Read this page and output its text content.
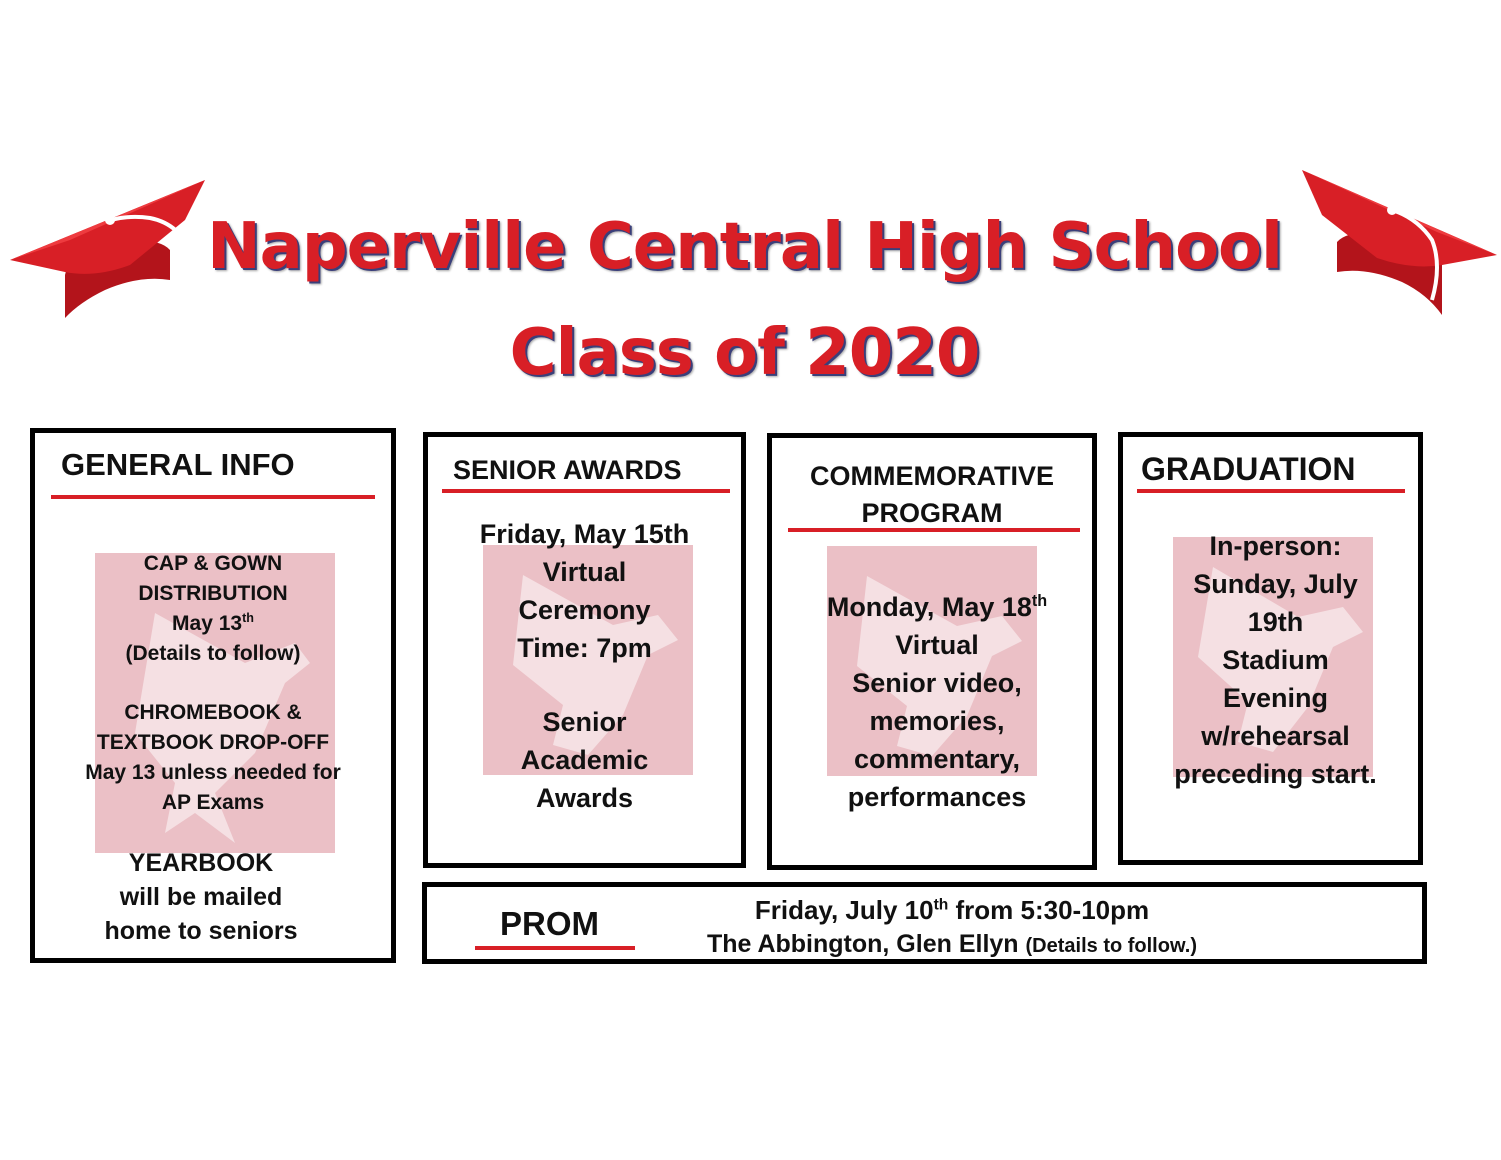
Naperville Central High School
Class of 2020
GENERAL INFO

CAP & GOWN

DISTRIBUTION

May 13th

(Details to follow)

CHROMEBOOK &

TEXTBOOK DROP-OFF

May 13 unless needed for

AP Exams

YEARBOOK

will be mailed

home to seniors

SENIOR AWARDS

Friday, May 15th

Virtual

Ceremony

Time: 7pm

Senior

Academic

Awards

COMMEMORATIVE

PROGRAM

Monday, May 18th

Virtual

Senior video,

memories,

commentary,

performances

GRADUATION

In-person:

Sunday, July

19th

Stadium

Evening

w/rehearsal

preceding start.

PROM	Friday, July 10th from 5:30-10pm

The Abbington, Glen Ellyn (Details to follow.)
